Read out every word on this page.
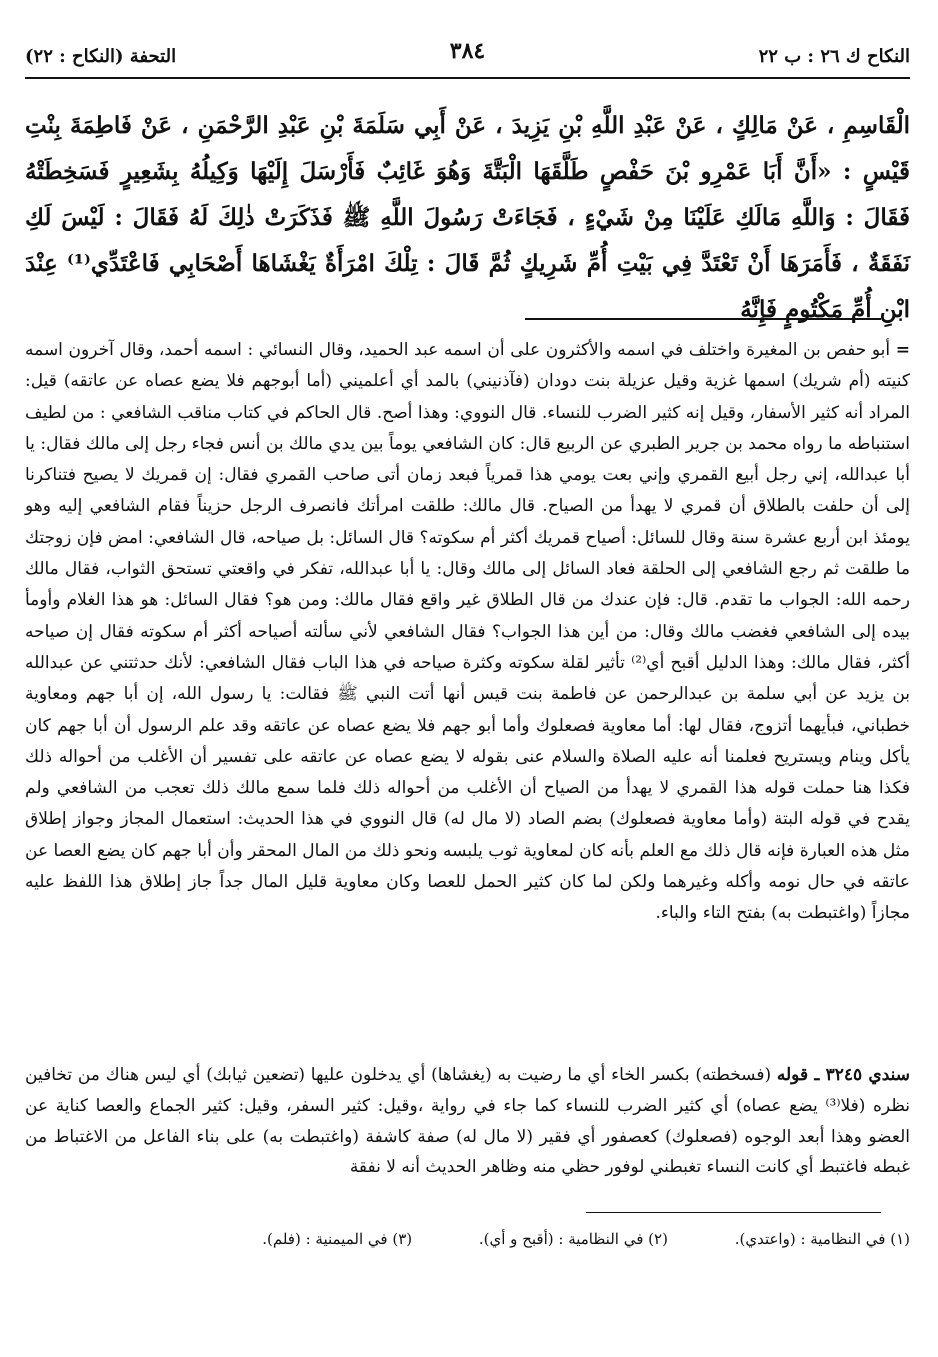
النكاح ك ٢٦ : ب ٢٢
٣٨٤
التحفة (النكاح : ٢٢)
الْقَاسِمِ ، عَنْ مَالِكٍ ، عَنْ عَبْدِ اللَّهِ بْنِ يَزِيدَ ، عَنْ أَبِي سَلَمَةَ بْنِ عَبْدِ الرَّحْمَنِ ، عَنْ فَاطِمَةَ بِنْتِ قَيْسٍ : «أَنَّ أَبَا عَمْرِو بْنَ حَفْصٍ طَلَّقَهَا الْبَتَّةَ وَهُوَ غَائِبٌ فَأَرْسَلَ إِلَيْهَا وَكِيلُهُ بِشَعِيرٍ فَسَخِطَتْهُ فَقَالَ : وَاللَّهِ مَالَكِ عَلَيْنَا مِنْ شَيْءٍ ، فَجَاءَتْ رَسُولَ اللَّهِ ﷺ فَذَكَرَتْ ذٰلِكَ لَهُ فَقَالَ : لَيْسَ لَكِ نَفَقَةٌ ، فَأَمَرَهَا أَنْ تَعْتَدَّ فِي بَيْتِ أُمِّ شَرِيكٍ ثُمَّ قَالَ : تِلْكَ امْرَأَةٌ يَغْشَاهَا أَصْحَابِي فَاعْتَدِّي⁽¹⁾ عِنْدَ ابْنِ أُمِّ مَكْتُومٍ فَإِنَّهُ

= أبو حفص بن المغيرة واختلف في اسمه والأكثرون على أن اسمه عبد الحميد، وقال النسائي : اسمه أحمد، وقال آخرون اسمه كنيته (أم شريك) اسمها غزية وقيل عزيلة بنت دودان (فآذنيني) بالمد أي أعلميني (أما أبوجهم فلا يضع عصاه عن عاتقه) قيل: المراد أنه كثير الأسفار، وقيل إنه كثير الضرب للنساء. قال النووي: وهذا أصح. قال الحاكم في كتاب مناقب الشافعي : من لطيف استنباطه ما رواه محمد بن جرير الطبري عن الربيع قال: كان الشافعي يوماً بين يدي مالك بن أنس فجاء رجل إلى مالك فقال: يا أبا عبدالله، إني رجل أبيع القمري وإني بعت يومي هذا قمرياً فبعد زمان أتى صاحب القمري فقال: إن قمريك لا يصيح فتناكرنا إلى أن حلفت بالطلاق أن قمري لا يهدأ من الصياح. قال مالك: طلقت امرأتك فانصرف الرجل حزيناً فقام الشافعي إليه وهو يومئذ ابن أربع عشرة سنة وقال للسائل: أصياح قمريك أكثر أم سكوته؟ قال السائل: بل صياحه، قال الشافعي: امض فإن زوجتك ما طلقت ثم رجع الشافعي إلى الحلقة فعاد السائل إلى مالك وقال: يا أبا عبدالله، تفكر في واقعتي تستحق الثواب، فقال مالك رحمه الله: الجواب ما تقدم. قال: فإن عندك من قال الطلاق غير واقع فقال مالك: ومن هو؟ فقال السائل: هو هذا الغلام وأومأ بيده إلى الشافعي فغضب مالك وقال: من أين هذا الجواب؟ فقال الشافعي لأني سألته أصياحه أكثر أم سكوته فقال إن صياحه أكثر، فقال مالك: وهذا الدليل أقبح أي⁽²⁾ تأثير لقلة سكوته وكثرة صياحه في هذا الباب فقال الشافعي: لأنك حدثتني عن عبدالله بن يزيد عن أبي سلمة بن عبدالرحمن عن فاطمة بنت قيس أنها أتت النبي ﷺ فقالت: يا رسول الله، إن أبا جهم ومعاوية خطباني، فبأيهما أتزوج، فقال لها: أما معاوية فصعلوك وأما أبو جهم فلا يضع عصاه عن عاتقه وقد علم الرسول أن أبا جهم كان يأكل وينام ويستريح فعلمنا أنه عليه الصلاة والسلام عنى بقوله لا يضع عصاه عن عاتقه على تفسير أن الأغلب من أحواله ذلك فكذا هنا حملت قوله هذا القمري لا يهدأ من الصياح أن الأغلب من أحواله ذلك فلما سمع مالك ذلك تعجب من الشافعي ولم يقدح في قوله البتة (وأما معاوية فصعلوك) بضم الصاد (لا مال له) قال النووي في هذا الحديث: استعمال المجاز وجواز إطلاق مثل هذه العبارة فإنه قال ذلك مع العلم بأنه كان لمعاوية ثوب يلبسه ونحو ذلك من المال المحقر وأن أبا جهم كان يضع العصا عن عاتقه في حال نومه وأكله وغيرهما ولكن لما كان كثير الحمل للعصا وكان معاوية قليل المال جداً جاز إطلاق هذا اللفظ عليه مجازاً (واغتبطت به) بفتح التاء والباء.

سندي ٣٢٤٥ ـ قوله (فسخطته) بكسر الخاء أي ما رضيت به (يغشاها) أي يدخلون عليها (تضعين ثيابك) أي ليس هناك من تخافين نظره (فلا⁽³⁾ يضع عصاه) أي كثير الضرب للنساء كما جاء في رواية ،وقيل: كثير السفر، وقيل: كثير الجماع والعصا كناية عن العضو وهذا أبعد الوجوه (فصعلوك) كعصفور أي فقير (لا مال له) صفة كاشفة (واغتبطت به) على بناء الفاعل من الاغتباط من غبطه فاغتبط أي كانت النساء تغبطني لوفور حظي منه وظاهر الحديث أنه لا نفقة

(١) في النظامية : (واعتدي). (٢) في النظامية : (أقبح و أي). (٣) في الميمنية : (فلم).
